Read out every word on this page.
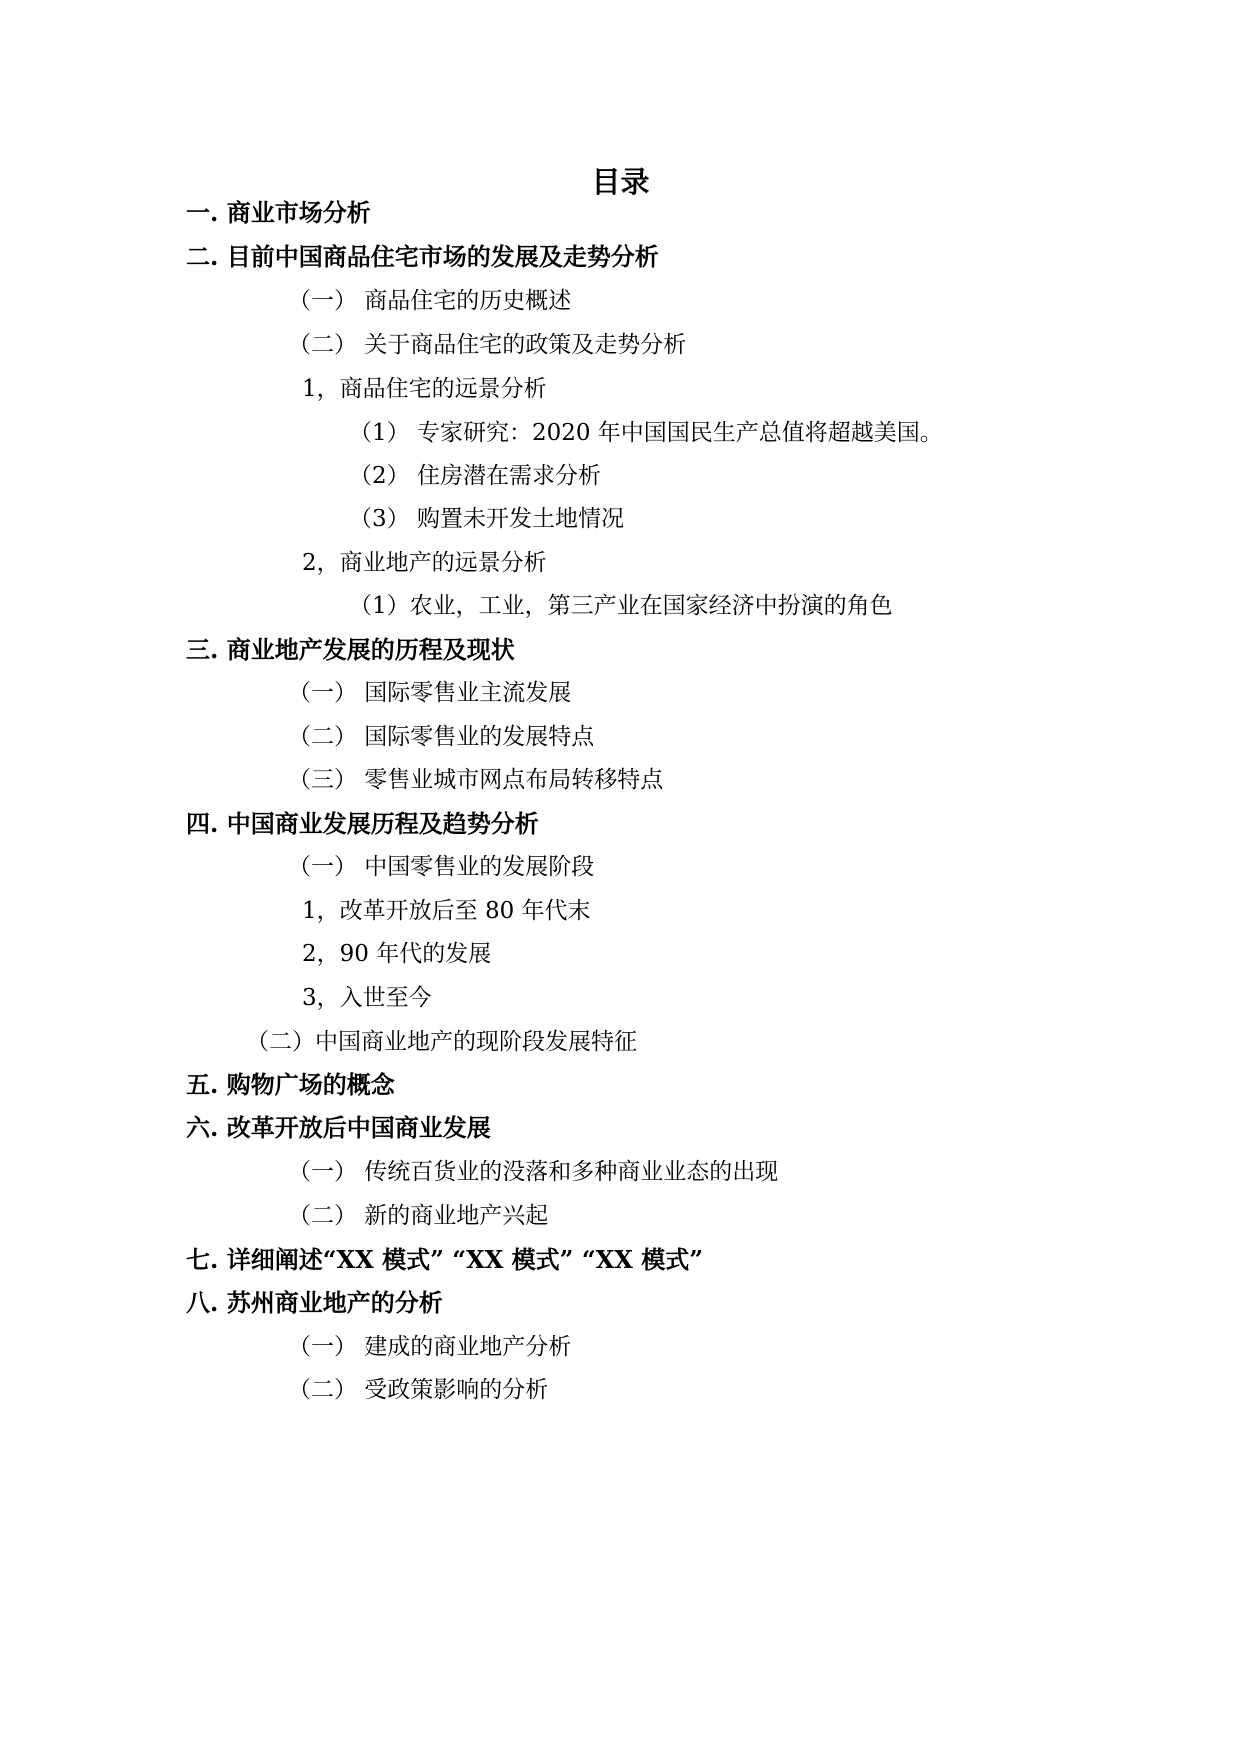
目录
一. 商业市场分析
二. 目前中国商品住宅市场的发展及走势分析
（一） 商品住宅的历史概述
（二） 关于商品住宅的政策及走势分析
1，商品住宅的远景分析
（1） 专家研究：2020 年中国国民生产总值将超越美国。
（2） 住房潜在需求分析
（3） 购置未开发土地情况
2，商业地产的远景分析
（1）农业，工业，第三产业在国家经济中扮演的角色
三. 商业地产发展的历程及现状
（一） 国际零售业主流发展
（二） 国际零售业的发展特点
（三） 零售业城市网点布局转移特点
四. 中国商业发展历程及趋势分析
（一） 中国零售业的发展阶段
1，改革开放后至 80 年代末
2，90 年代的发展
3，入世至今
（二）中国商业地产的现阶段发展特征
五. 购物广场的概念
六. 改革开放后中国商业发展
（一） 传统百货业的没落和多种商业业态的出现
（二） 新的商业地产兴起
七. 详细阐述“XX 模式” “XX 模式” “XX 模式”
八. 苏州商业地产的分析
（一） 建成的商业地产分析
（二） 受政策影响的分析
